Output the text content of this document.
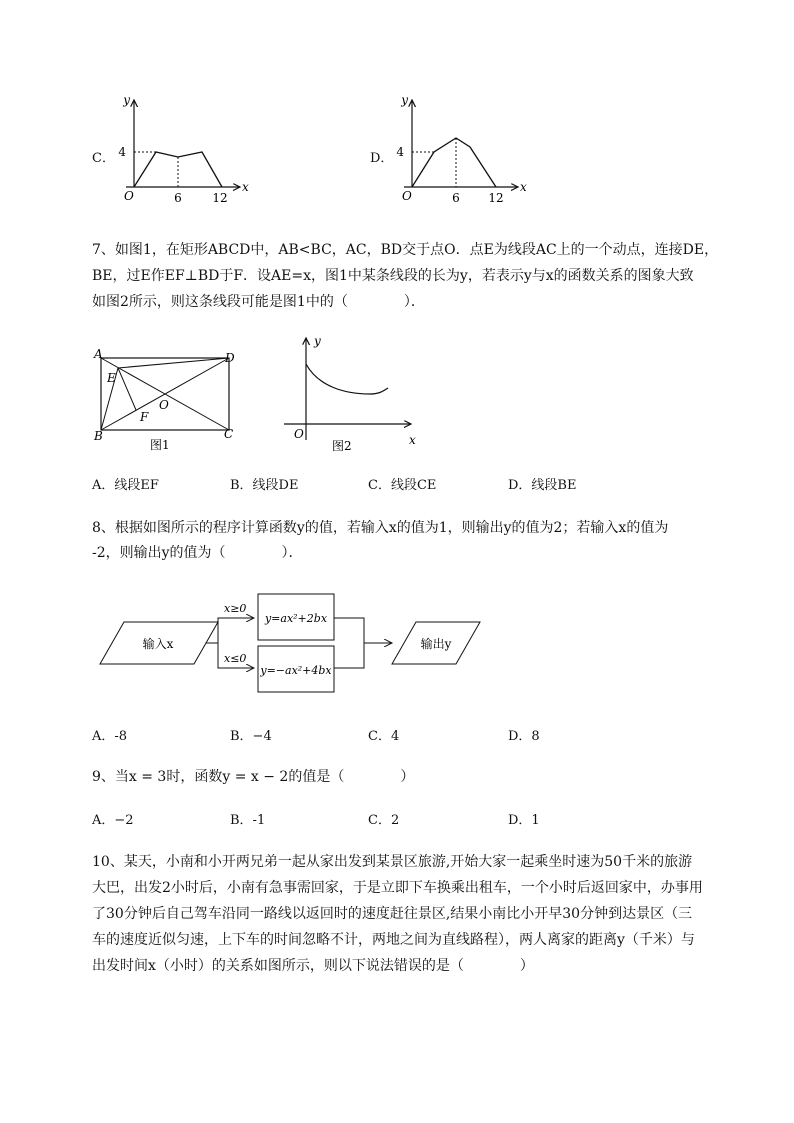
C．
y
x
O
4
6	12
D．
y
x
O
4
6 12
7、如图1，在矩形ABCD中，AB<BC，AC，BD交于点O．点E为线段AC上的一个动点，连接DE，
BE，过E作EF⊥BD于F．设AE=x，图1中某条线段的长为y，若表示y与x的函数关系的图象大致
如图2所示，则这条线段可能是图1中的（　　　　）．
A
B	C
D
E
F
O
图1
y
x
O
图2
A．线段EF	B．线段DE	C．线段CE	D．线段BE
8、根据如图所示的程序计算函数y的值，若输入x的值为1，则输出y的值为2；若输入x的值为
-2，则输出y的值为（　　　　）．
输入x
x≥0
x≤0
y=ax²+2bx
y=−ax²+4bx
输出y
A．-8	B．−4	C．4	D．8
9、当x = 3时，函数y = x − 2的值是（　　　　）
A．−2	B．-1	C．2	D．1
10、某天，小南和小开两兄弟一起从家出发到某景区旅游,开始大家一起乘坐时速为50千米的旅游
大巴，出发2小时后，小南有急事需回家，于是立即下车换乘出租车，一个小时后返回家中，办事用
了30分钟后自己驾车沿同一路线以返回时的速度赶往景区,结果小南比小开早30分钟到达景区（三
车的速度近似匀速，上下车的时间忽略不计，两地之间为直线路程），两人离家的距离y（千米）与
出发时间x（小时）的关系如图所示，则以下说法错误的是（　　　　）
